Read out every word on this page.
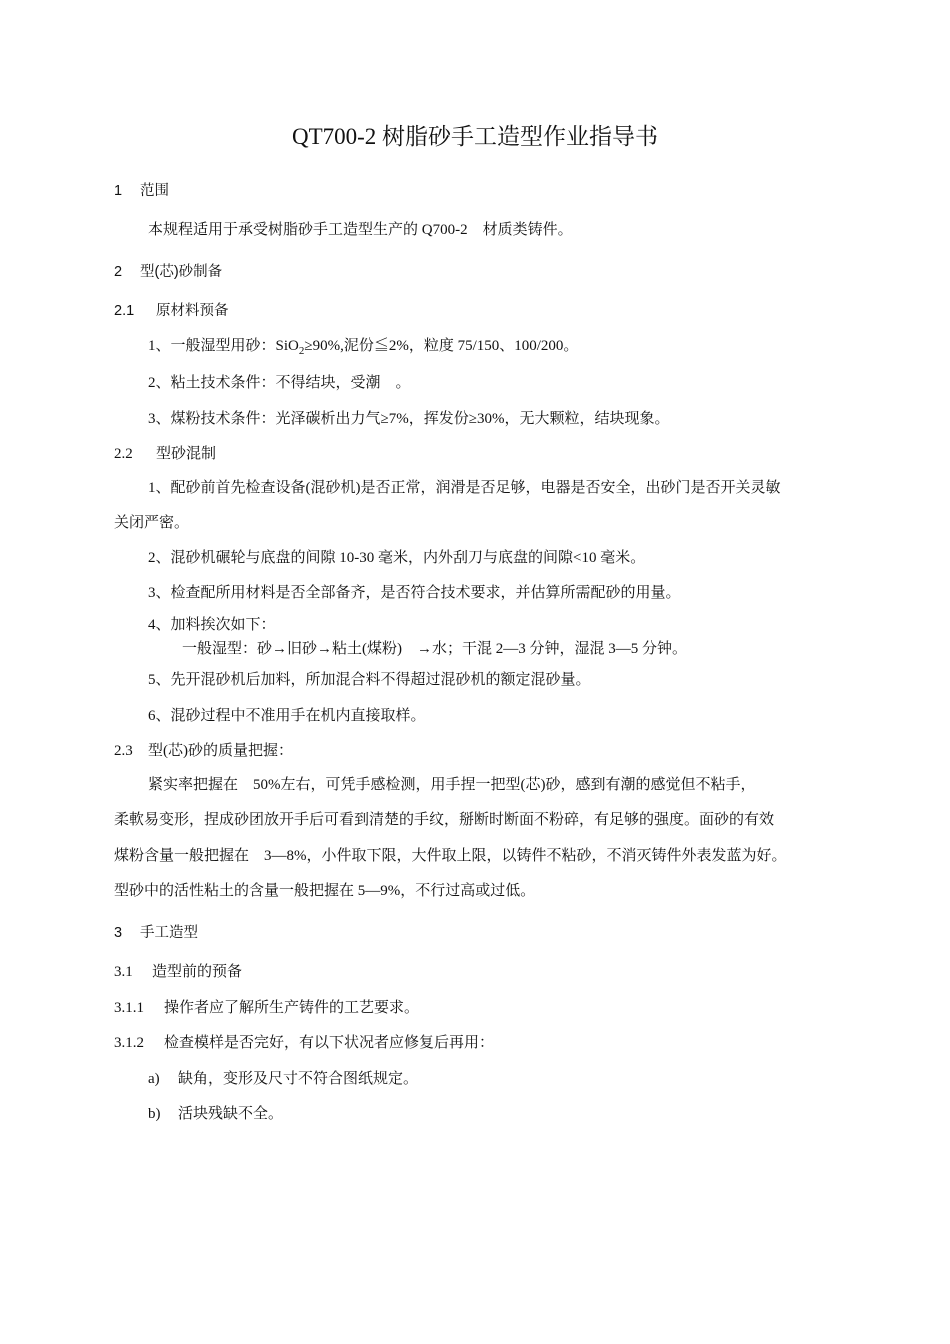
QT700-2 树脂砂手工造型作业指导书
1 范围
本规程适用于承受树脂砂手工造型生产的 Q700-2　材质类铸件。
2 型(芯)砂制备
2.1 原材料预备
1、一般湿型用砂：SiO$_2$≥90%,泥份≦2%，粒度 75/150、100/200。
2、粘土技术条件：不得结块，受潮　。
3、煤粉技术条件：光泽碳析出力气≥7%，挥发份≥30%，无大颗粒，结块现象。
2.2 型砂混制
1、配砂前首先检查设备(混砂机)是否正常，润滑是否足够，电器是否安全，出砂门是否开关灵敏
关闭严密。
2、混砂机碾轮与底盘的间隙 10-30 毫米，内外刮刀与底盘的间隙<10 毫米。
3、检查配所用材料是否全部备齐，是否符合技术要求，并估算所需配砂的用量。
4、加料挨次如下：
一般湿型：砂→旧砂→粘土(煤粉)　→水；干混 2—3 分钟，湿混 3—5 分钟。
5、先开混砂机后加料，所加混合料不得超过混砂机的额定混砂量。
6、混砂过程中不准用手在机内直接取样。
2.3 型(芯)砂的质量把握：
紧实率把握在　50%左右，可凭手感检测，用手捏一把型(芯)砂，感到有潮的感觉但不粘手，
柔軟易变形，捏成砂团放开手后可看到清楚的手纹，掰断时断面不粉碎，有足够的强度。面砂的有效
煤粉含量一般把握在　3—8%，小件取下限，大件取上限，以铸件不粘砂，不消灭铸件外表发蓝为好。
型砂中的活性粘土的含量一般把握在 5—9%，不行过高或过低。
3 手工造型
3.1 造型前的预备
3.1.1 操作者应了解所生产铸件的工艺要求。
3.1.2 检查模样是否完好，有以下状况者应修复后再用：
a) 缺角，变形及尺寸不符合图纸规定。
b) 活块残缺不全。
